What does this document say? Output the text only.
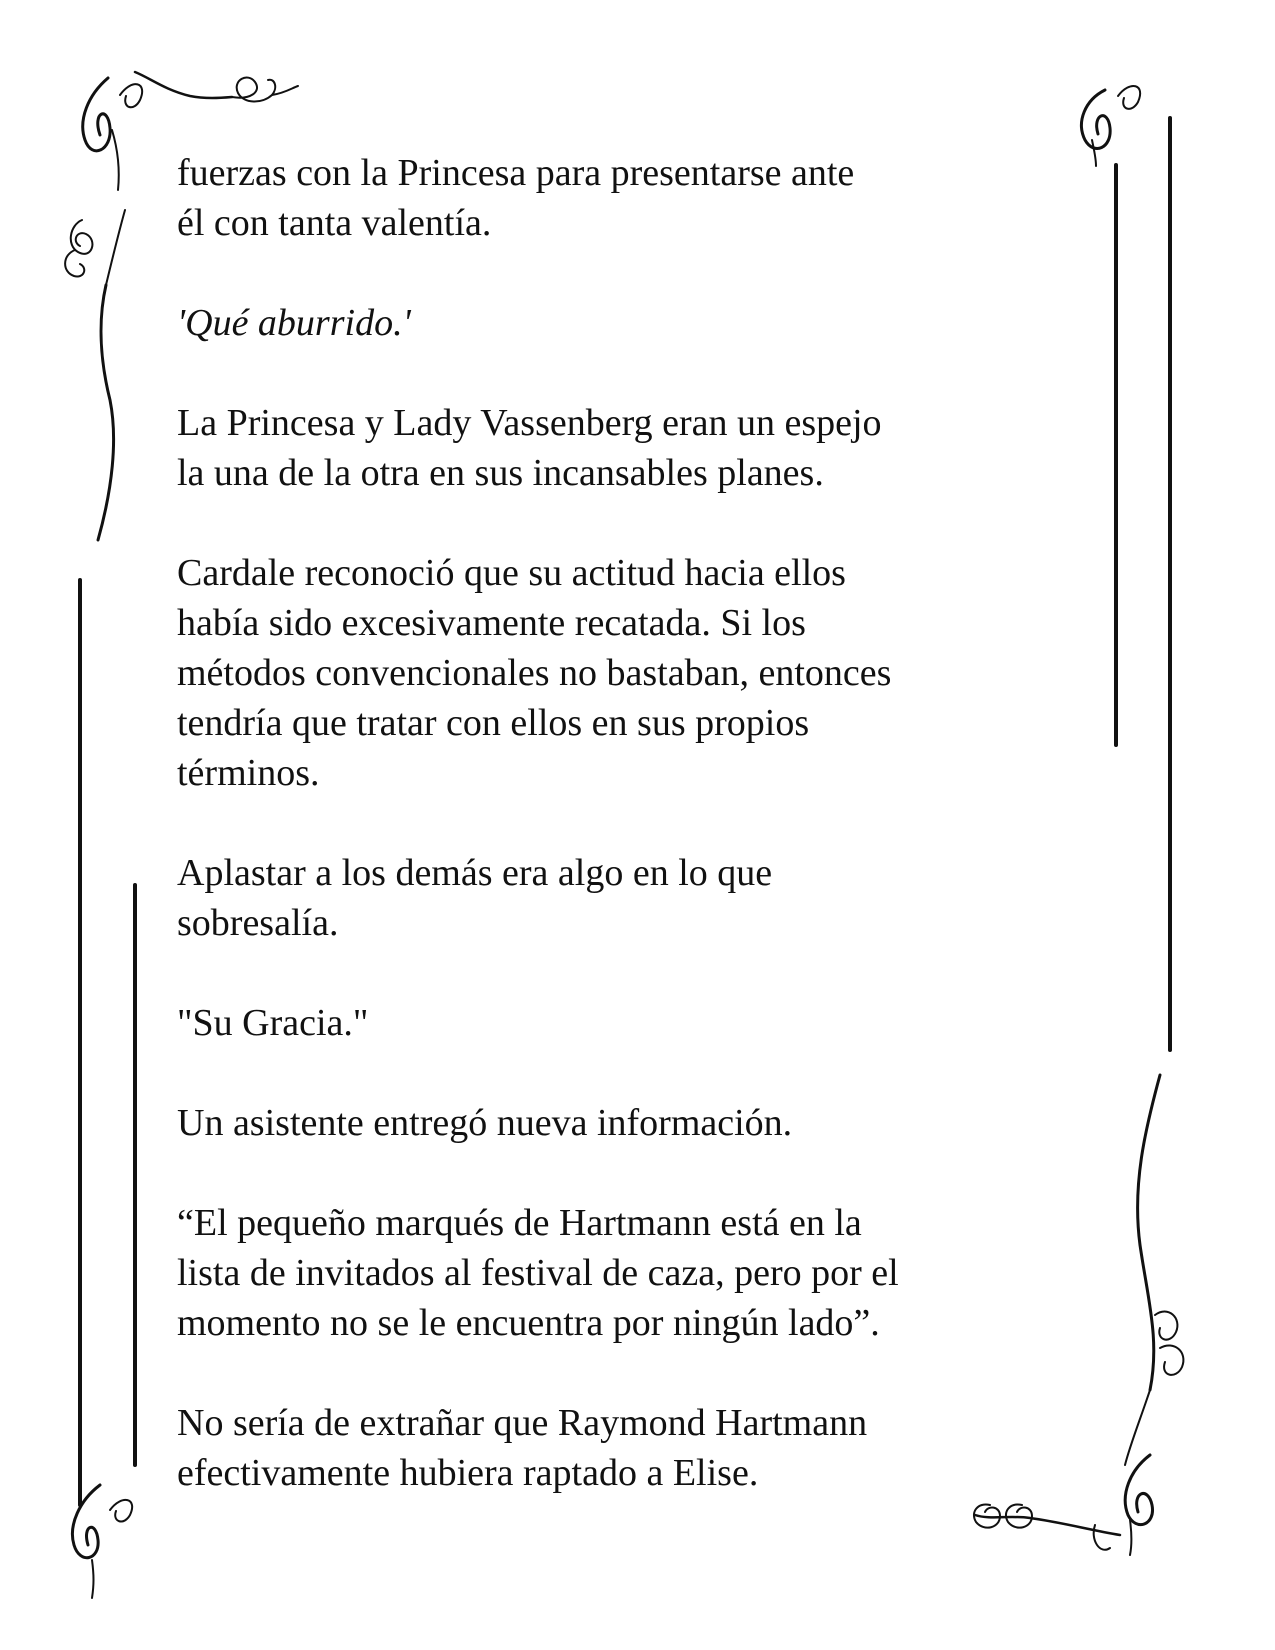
fuerzas con la Princesa para presentarse ante
él con tanta valentía.

'Qué aburrido.'

La Princesa y Lady Vassenberg eran un espejo
la una de la otra en sus incansables planes.

Cardale reconoció que su actitud hacia ellos
había sido excesivamente recatada. Si los
métodos convencionales no bastaban, entonces
tendría que tratar con ellos en sus propios
términos.

Aplastar a los demás era algo en lo que
sobresalía.

"Su Gracia."

Un asistente entregó nueva información.

“El pequeño marqués de Hartmann está en la
lista de invitados al festival de caza, pero por el
momento no se le encuentra por ningún lado”.

No sería de extrañar que Raymond Hartmann
efectivamente hubiera raptado a Elise.
